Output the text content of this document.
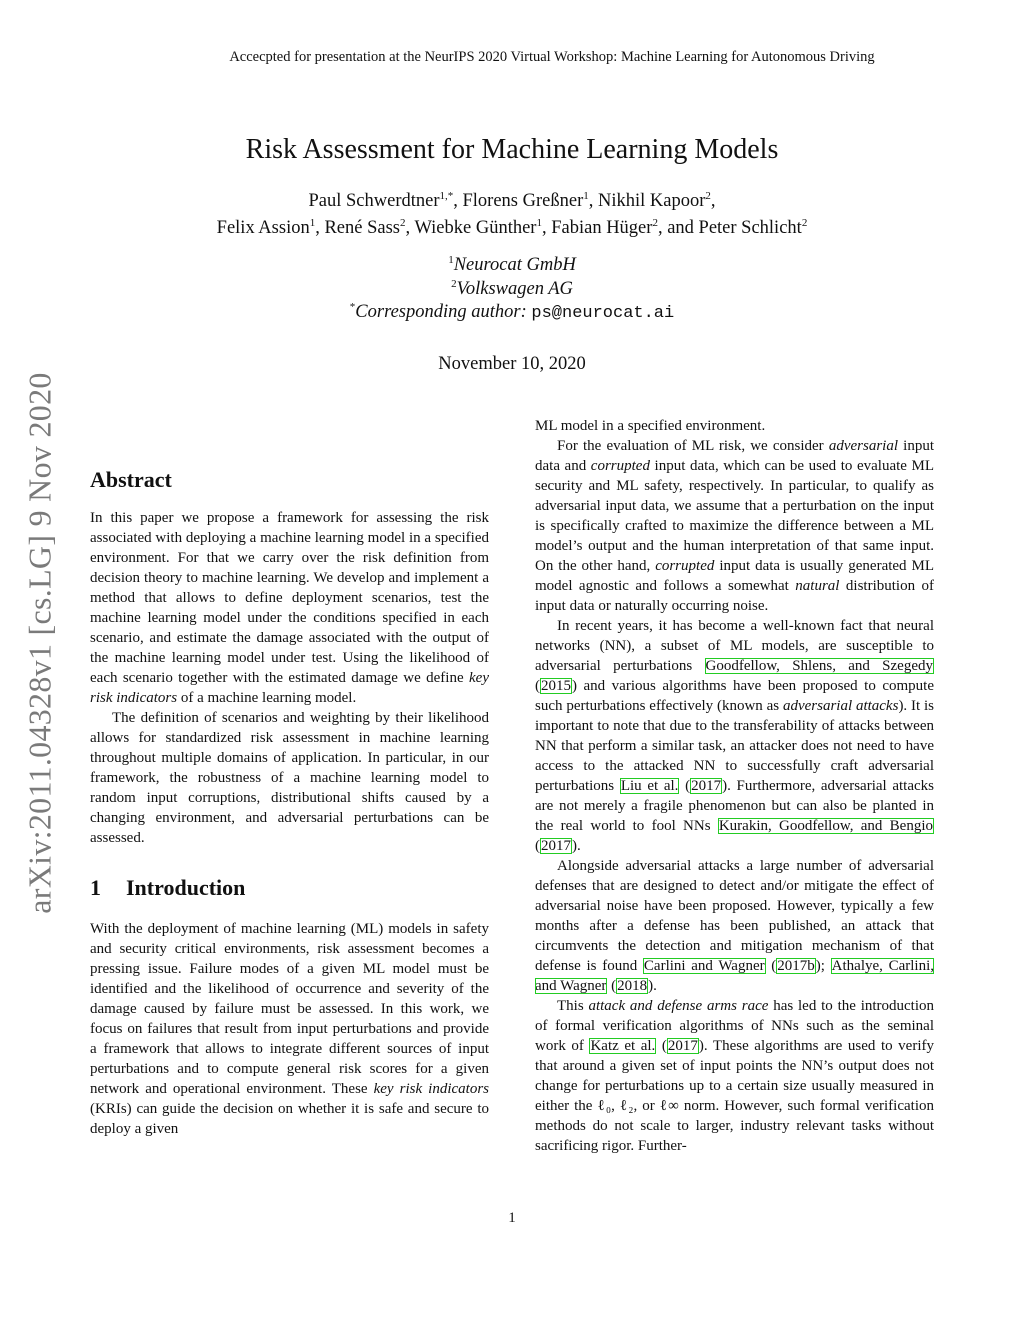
Accecpted for presentation at the NeurIPS 2020 Virtual Workshop: Machine Learning for Autonomous Driving
arXiv:2011.04328v1 [cs.LG] 9 Nov 2020
Risk Assessment for Machine Learning Models
Paul Schwerdtner$^{1,*}$, Florens Greßner$^1$, Nikhil Kapoor$^2$,
Felix Assion$^1$, René Sass$^2$, Wiebke Günther$^1$, Fabian Hüger$^2$, and Peter Schlicht$^2$
$^1$Neurocat GmbH
$^2$Volkswagen AG
*Corresponding author: ps@neurocat.ai
November 10, 2020
Abstract

In this paper we propose a framework for assessing the risk associated with deploying a machine learning model in a specified environment. For that we carry over the risk definition from decision theory to machine learning. We develop and implement a method that allows to define deployment scenarios, test the machine learning model under the conditions specified in each scenario, and estimate the damage associated with the output of the machine learning model under test. Using the likelihood of each scenario together with the estimated damage we define key risk indicators of a machine learning model.

The definition of scenarios and weighting by their likelihood allows for standardized risk assessment in machine learning throughout multiple domains of application. In particular, in our framework, the robustness of a machine learning model to random input corruptions, distributional shifts caused by a changing environment, and adversarial perturbations can be assessed.

1 Introduction

With the deployment of machine learning (ML) models in safety and security critical environments, risk assessment becomes a pressing issue. Failure modes of a given ML model must be identified and the likelihood of occurrence and severity of the damage caused by failure must be assessed. In this work, we focus on failures that result from input perturbations and provide a framework that allows to integrate different sources of input perturbations and to compute general risk scores for a given network and operational environment. These key risk indicators (KRIs) can guide the decision on whether it is safe and secure to deploy a given

ML model in a specified environment.

For the evaluation of ML risk, we consider adversarial input data and corrupted input data, which can be used to evaluate ML security and ML safety, respectively. In particular, to qualify as adversarial input data, we assume that a perturbation on the input is specifically crafted to maximize the difference between a ML model’s output and the human interpretation of that same input. On the other hand, corrupted input data is usually generated ML model agnostic and follows a somewhat natural distribution of input data or naturally occurring noise.

In recent years, it has become a well-known fact that neural networks (NN), a subset of ML models, are susceptible to adversarial perturbations Goodfellow, Shlens, and Szegedy (2015) and various algorithms have been proposed to compute such perturbations effectively (known as adversarial attacks). It is important to note that due to the transferability of attacks between NN that perform a similar task, an attacker does not need to have access to the attacked NN to successfully craft adversarial perturbations Liu et al. (2017). Furthermore, adversarial attacks are not merely a fragile phenomenon but can also be planted in the real world to fool NNs Kurakin, Goodfellow, and Bengio (2017).

Alongside adversarial attacks a large number of adversarial defenses that are designed to detect and/or mitigate the effect of adversarial noise have been proposed. However, typically a few months after a defense has been published, an attack that circumvents the detection and mitigation mechanism of that defense is found Carlini and Wagner (2017b); Athalye, Carlini, and Wagner (2018).

This attack and defense arms race has led to the introduction of formal verification algorithms of NNs such as the seminal work of Katz et al. (2017). These algorithms are used to verify that around a given set of input points the NN’s output does not change for perturbations up to a certain size usually measured in either the ℓ₀, ℓ₂, or ℓ∞ norm. However, such formal verification methods do not scale to larger, industry relevant tasks without sacrificing rigor. Further-

1
